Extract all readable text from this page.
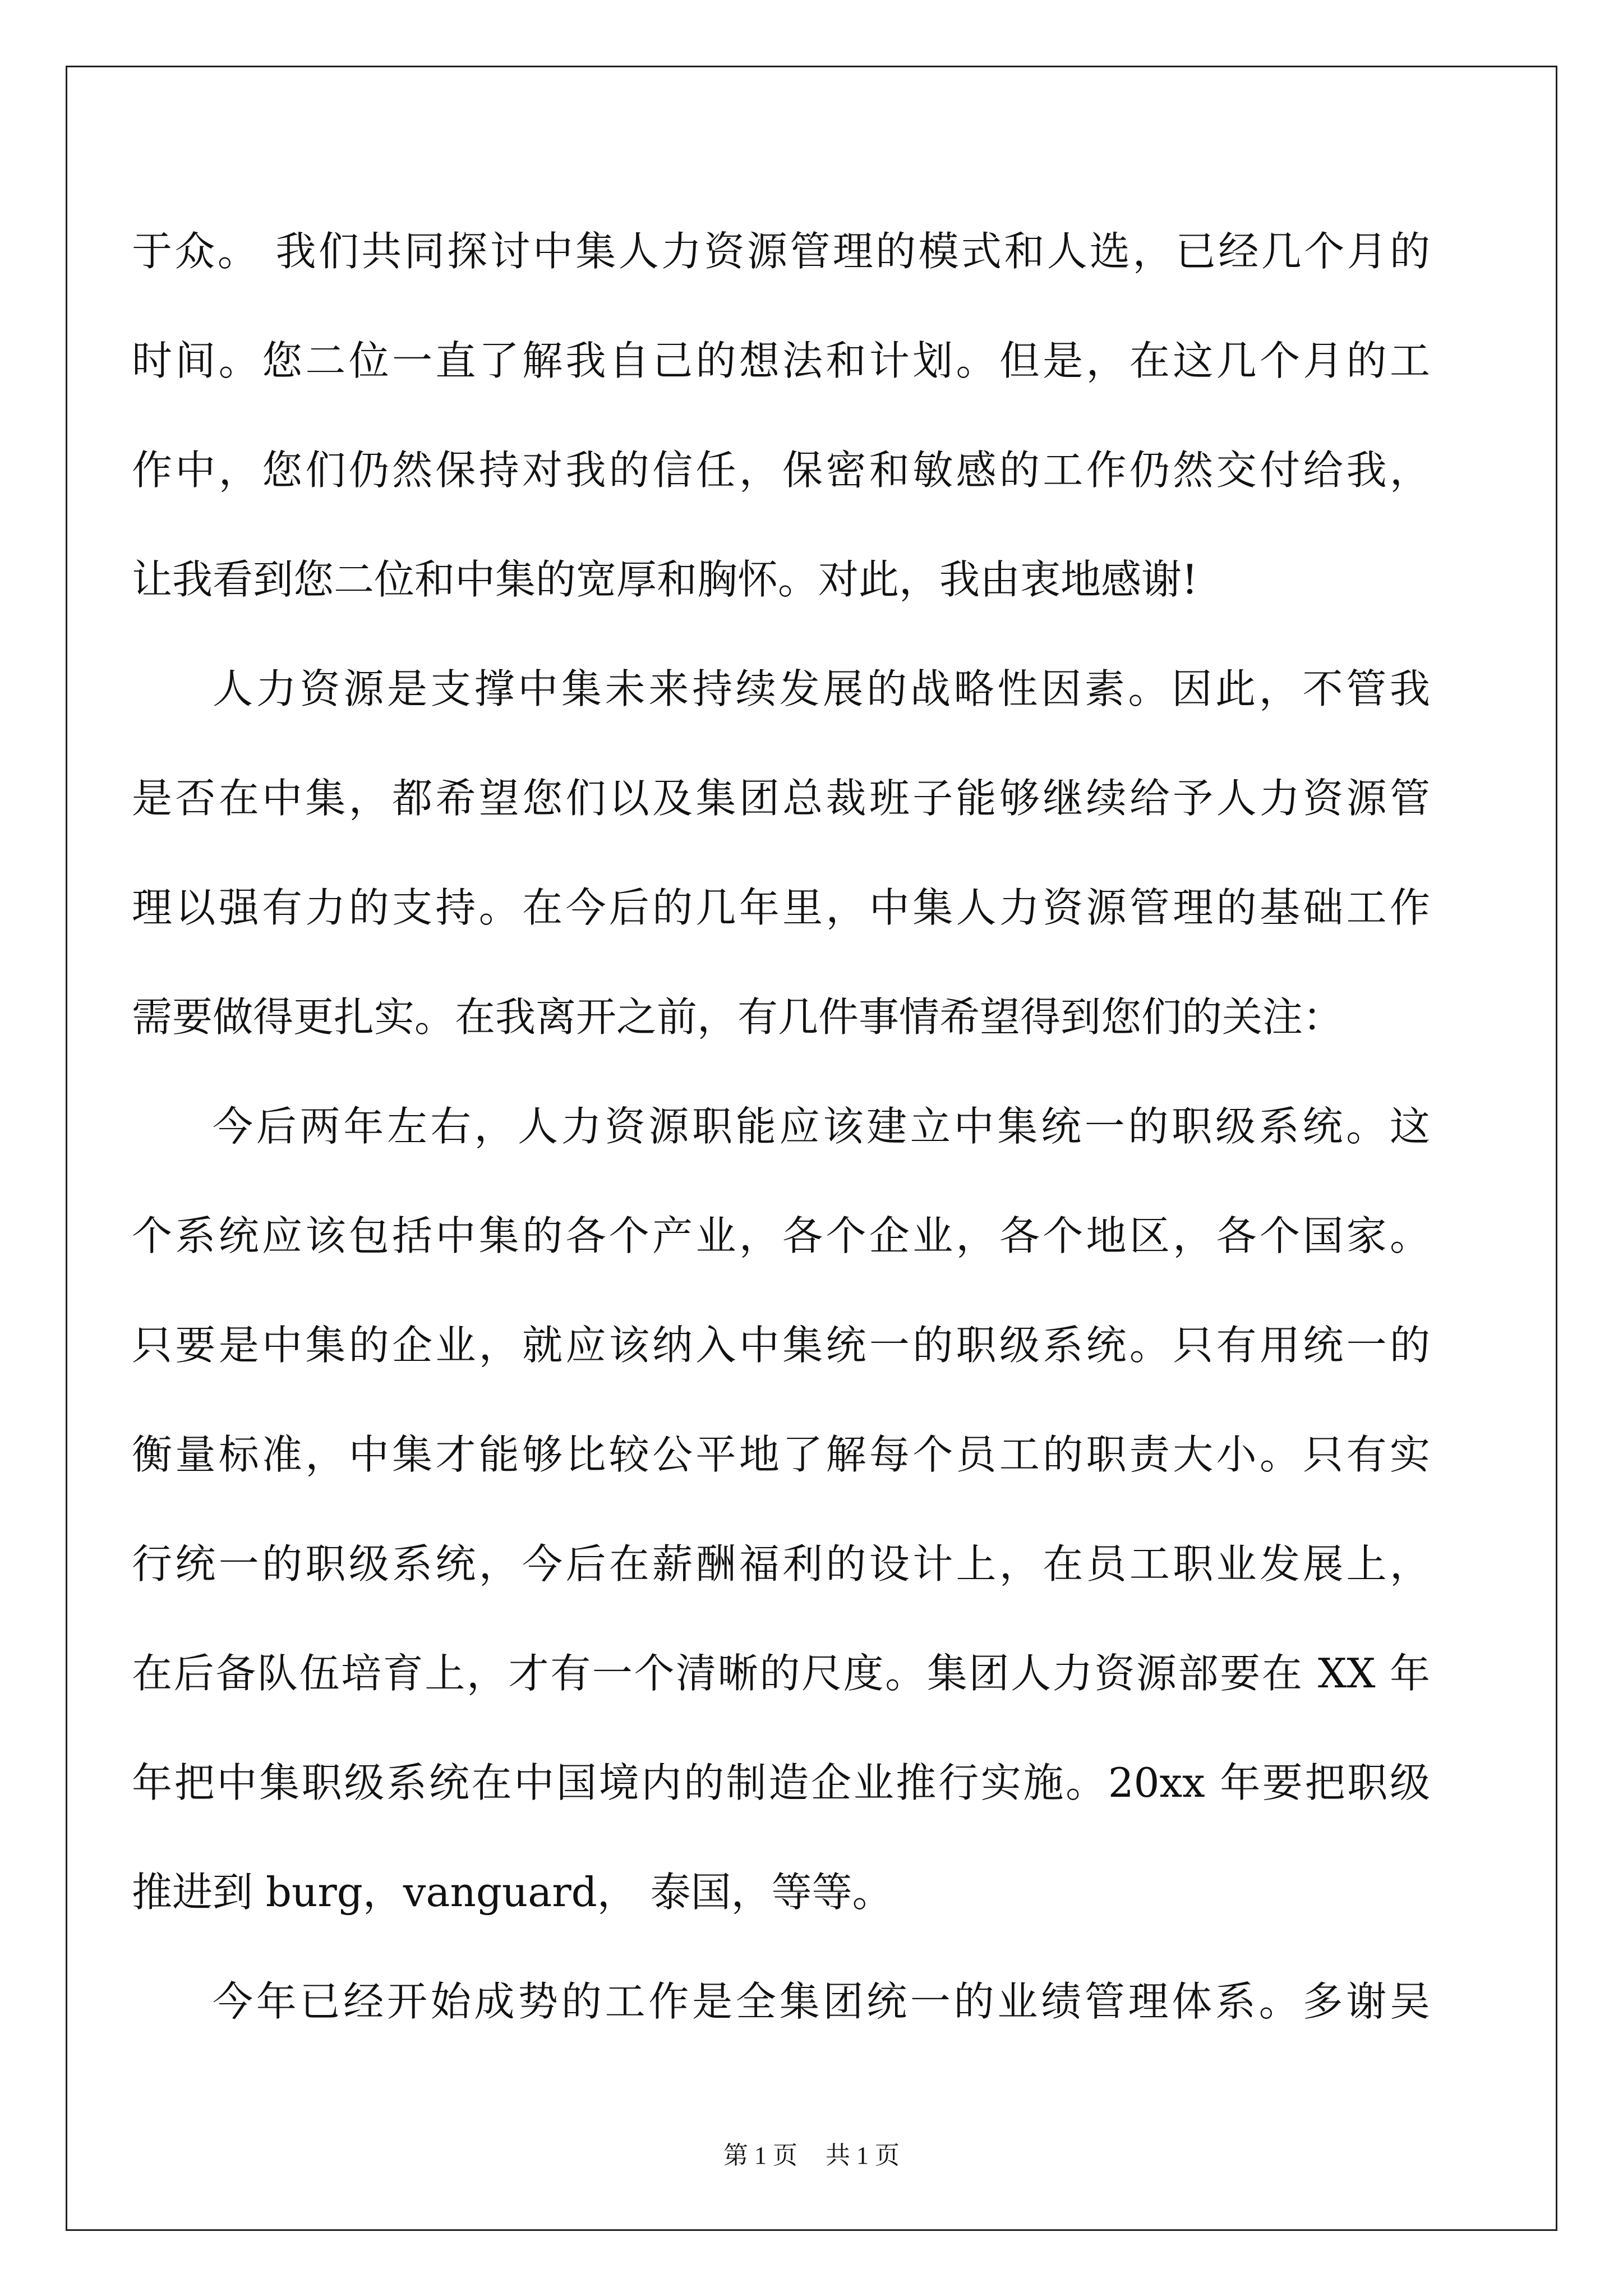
于众。 我们共同探讨中集人力资源管理的模式和人选，已经几个月的
时间。您二位一直了解我自己的想法和计划。但是，在这几个月的工
作中，您们仍然保持对我的信任，保密和敏感的工作仍然交付给我，
让我看到您二位和中集的宽厚和胸怀。对此，我由衷地感谢!
人力资源是支撑中集未来持续发展的战略性因素。因此，不管我
是否在中集，都希望您们以及集团总裁班子能够继续给予人力资源管
理以强有力的支持。在今后的几年里，中集人力资源管理的基础工作
需要做得更扎实。在我离开之前，有几件事情希望得到您们的关注：
今后两年左右，人力资源职能应该建立中集统一的职级系统。这
个系统应该包括中集的各个产业，各个企业，各个地区，各个国家。
只要是中集的企业，就应该纳入中集统一的职级系统。只有用统一的
衡量标准，中集才能够比较公平地了解每个员工的职责大小。只有实
行统一的职级系统，今后在薪酬福利的设计上，在员工职业发展上，
在后备队伍培育上，才有一个清晰的尺度。集团人力资源部要在 XX 年
年把中集职级系统在中国境内的制造企业推行实施。20xx 年要把职级
推进到 burg，vanguard， 泰国，等等。
今年已经开始成势的工作是全集团统一的业绩管理体系。多谢吴
第 1 页 共 1 页
